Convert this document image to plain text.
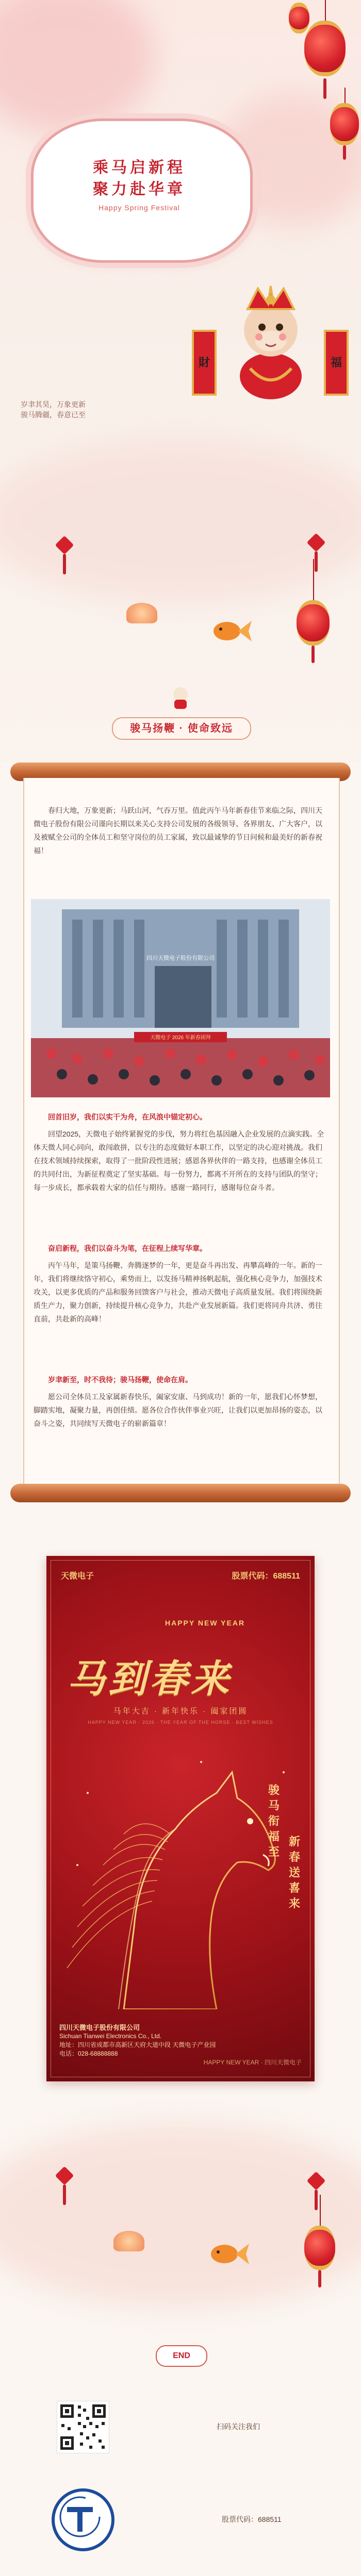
乘马启新程
聚力赴华章
Happy Spring Festival
財	福
岁聿其昊，万象更新
骏马腾疆，春意已至
骏马扬鞭 · 使命致远

春归大地，万象更新；马跃山河，气吞万里。值此丙午马年新春佳节来临之际，四川天微电子股份有限公司谨向长期以来关心支持公司发展的各级领导、各界朋友、广大客户，以及被赋全公司的全体员工和坚守岗位的员工家属，致以最诚挚的节日问候和最美好的新春祝福！

四川天微电子股份有限公司
天微电子 2026 年新春团拜

回首旧岁，我们以实干为舟，在风浪中锚定初心。

回望2025，天微电子始终紧握党的步伐，努力将红色基因融入企业发展的点滴实践。全体天微人同心同向，敢闯敢拼，以专注的态度做好本职工作，以坚定的决心迎对挑战。我们在技术领域持续探索，取得了一批阶段性进展；感恩各界伙伴的一路支持，也感谢全体员工的共同付出，为新征程奠定了坚实基础。每一份努力，都离不开所在的支持与团队的坚守；每一步成长，都承载着大家的信任与期待。感谢一路同行，感谢每位奋斗者。

奋启新程，我们以奋斗为笔，在征程上续写华章。

丙午马年，是策马扬鞭、奔腾逐梦的一年，更是奋斗再出发、再攀高峰的一年。新的一年，我们将继续恪守初心，乘势而上，以发扬马精神扬帆起航，强化核心竞争力，加强技术攻关，以更多优质的产品和服务回馈客户与社会，推动天微电子高质量发展。我们将围绕新质生产力，聚力创新，持续提升核心竞争力，共赴产业发展新篇。我们更将同舟共济、勇往直前，共赴新的高峰！

岁聿新至，时不我待；骏马扬鞭，使命在肩。

愿公司全体员工及家属新春快乐，阖家安康、马到成功！新的一年，愿我们心怀梦想，脚踏实地，凝聚力量，再创佳绩。愿各位合作伙伴事业兴旺，让我们以更加昂扬的姿态，以奋斗之姿，共同续写天微电子的崭新篇章！

天微电子	股票代码：688511
HAPPY NEW YEAR
马到春来
马年大吉 · 新年快乐 · 阖家团圆
HAPPY NEW YEAR · 2026 · THE YEAR OF THE HORSE · BEST WISHES
骏马衔福至
新春送喜来
四川天微电子股份有限公司
Sichuan Tianwei Electronics Co., Ltd.
地址：四川省成都市高新区天府大道中段 天微电子产业园
电话：028-68888888
HAPPY NEW YEAR · 四川天微电子
END
扫码关注我们
股票代码：688511
